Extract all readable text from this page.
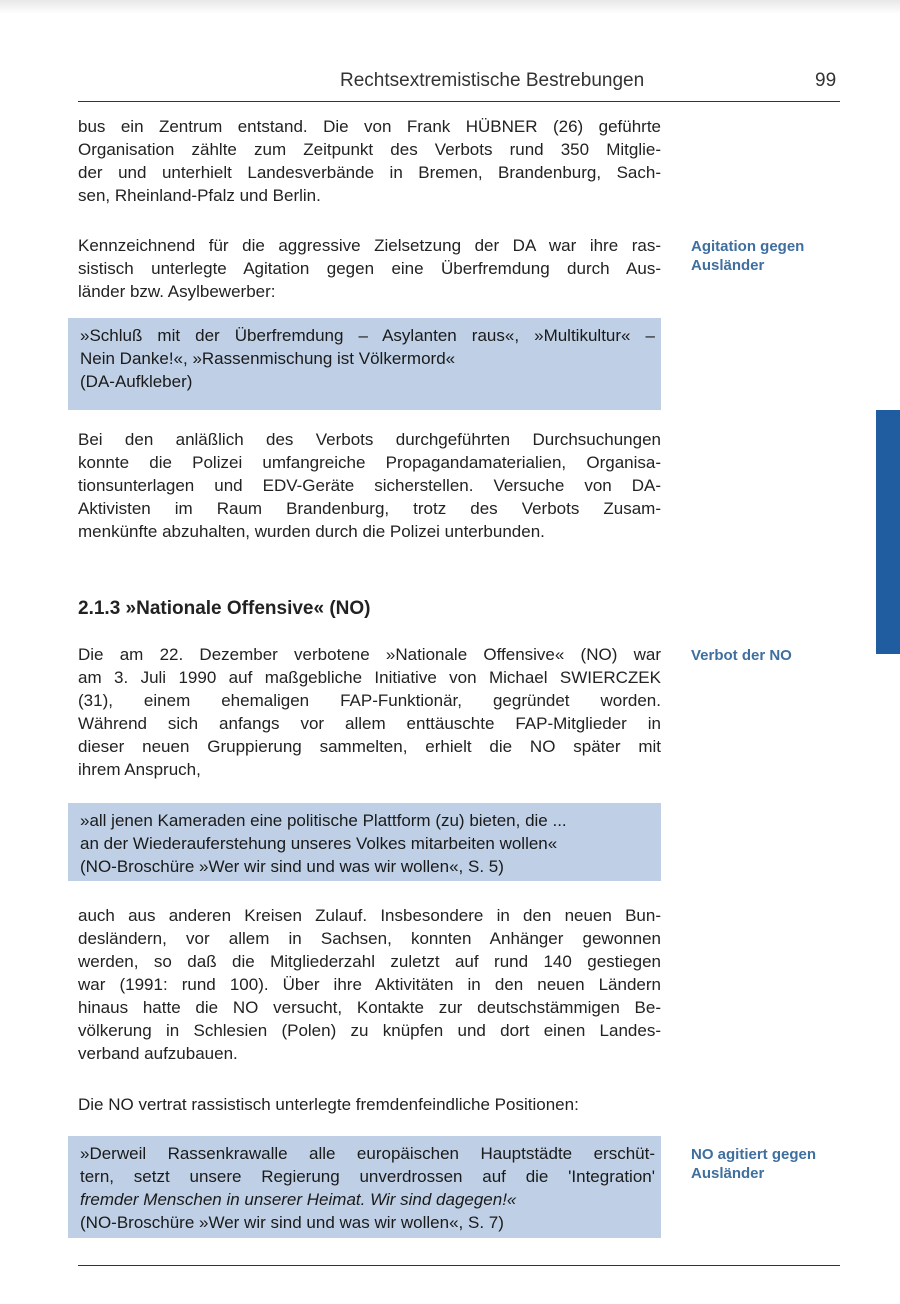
Rechtsextremistische Bestrebungen	99
bus ein Zentrum entstand. Die von Frank HÜBNER (26) geführte
Organisation zählte zum Zeitpunkt des Verbots rund 350 Mitglie-
der und unterhielt Landesverbände in Bremen, Brandenburg, Sach-
sen, Rheinland-Pfalz und Berlin.
Kennzeichnend für die aggressive Zielsetzung der DA war ihre ras-
sistisch unterlegte Agitation gegen eine Überfremdung durch Aus-
länder bzw. Asylbewerber:
Agitation gegen
Ausländer
»Schluß mit der Überfremdung – Asylanten raus«, »Multikultur« –
Nein Danke!«, »Rassenmischung ist Völkermord«
(DA-Aufkleber)
Bei den anläßlich des Verbots durchgeführten Durchsuchungen
konnte die Polizei umfangreiche Propagandamaterialien, Organisa-
tionsunterlagen und EDV-Geräte sicherstellen. Versuche von DA-
Aktivisten im Raum Brandenburg, trotz des Verbots Zusam-
menkünfte abzuhalten, wurden durch die Polizei unterbunden.
2.1.3 »Nationale Offensive« (NO)
Die am 22. Dezember verbotene »Nationale Offensive« (NO) war
am 3. Juli 1990 auf maßgebliche Initiative von Michael SWIERCZEK
(31), einem ehemaligen FAP-Funktionär, gegründet worden.
Während sich anfangs vor allem enttäuschte FAP-Mitglieder in
dieser neuen Gruppierung sammelten, erhielt die NO später mit
ihrem Anspruch,
Verbot der NO
»all jenen Kameraden eine politische Plattform (zu) bieten, die ...
an der Wiederauferstehung unseres Volkes mitarbeiten wollen«
(NO-Broschüre »Wer wir sind und was wir wollen«, S. 5)
auch aus anderen Kreisen Zulauf. Insbesondere in den neuen Bun-
desländern, vor allem in Sachsen, konnten Anhänger gewonnen
werden, so daß die Mitgliederzahl zuletzt auf rund 140 gestiegen
war (1991: rund 100). Über ihre Aktivitäten in den neuen Ländern
hinaus hatte die NO versucht, Kontakte zur deutschstämmigen Be-
völkerung in Schlesien (Polen) zu knüpfen und dort einen Landes-
verband aufzubauen.
Die NO vertrat rassistisch unterlegte fremdenfeindliche Positionen:
»Derweil Rassenkrawalle alle europäischen Hauptstädte erschüt-
tern, setzt unsere Regierung unverdrossen auf die 'Integration'
fremder Menschen in unserer Heimat. Wir sind dagegen!«
(NO-Broschüre »Wer wir sind und was wir wollen«, S. 7)
NO agitiert gegen
Ausländer
